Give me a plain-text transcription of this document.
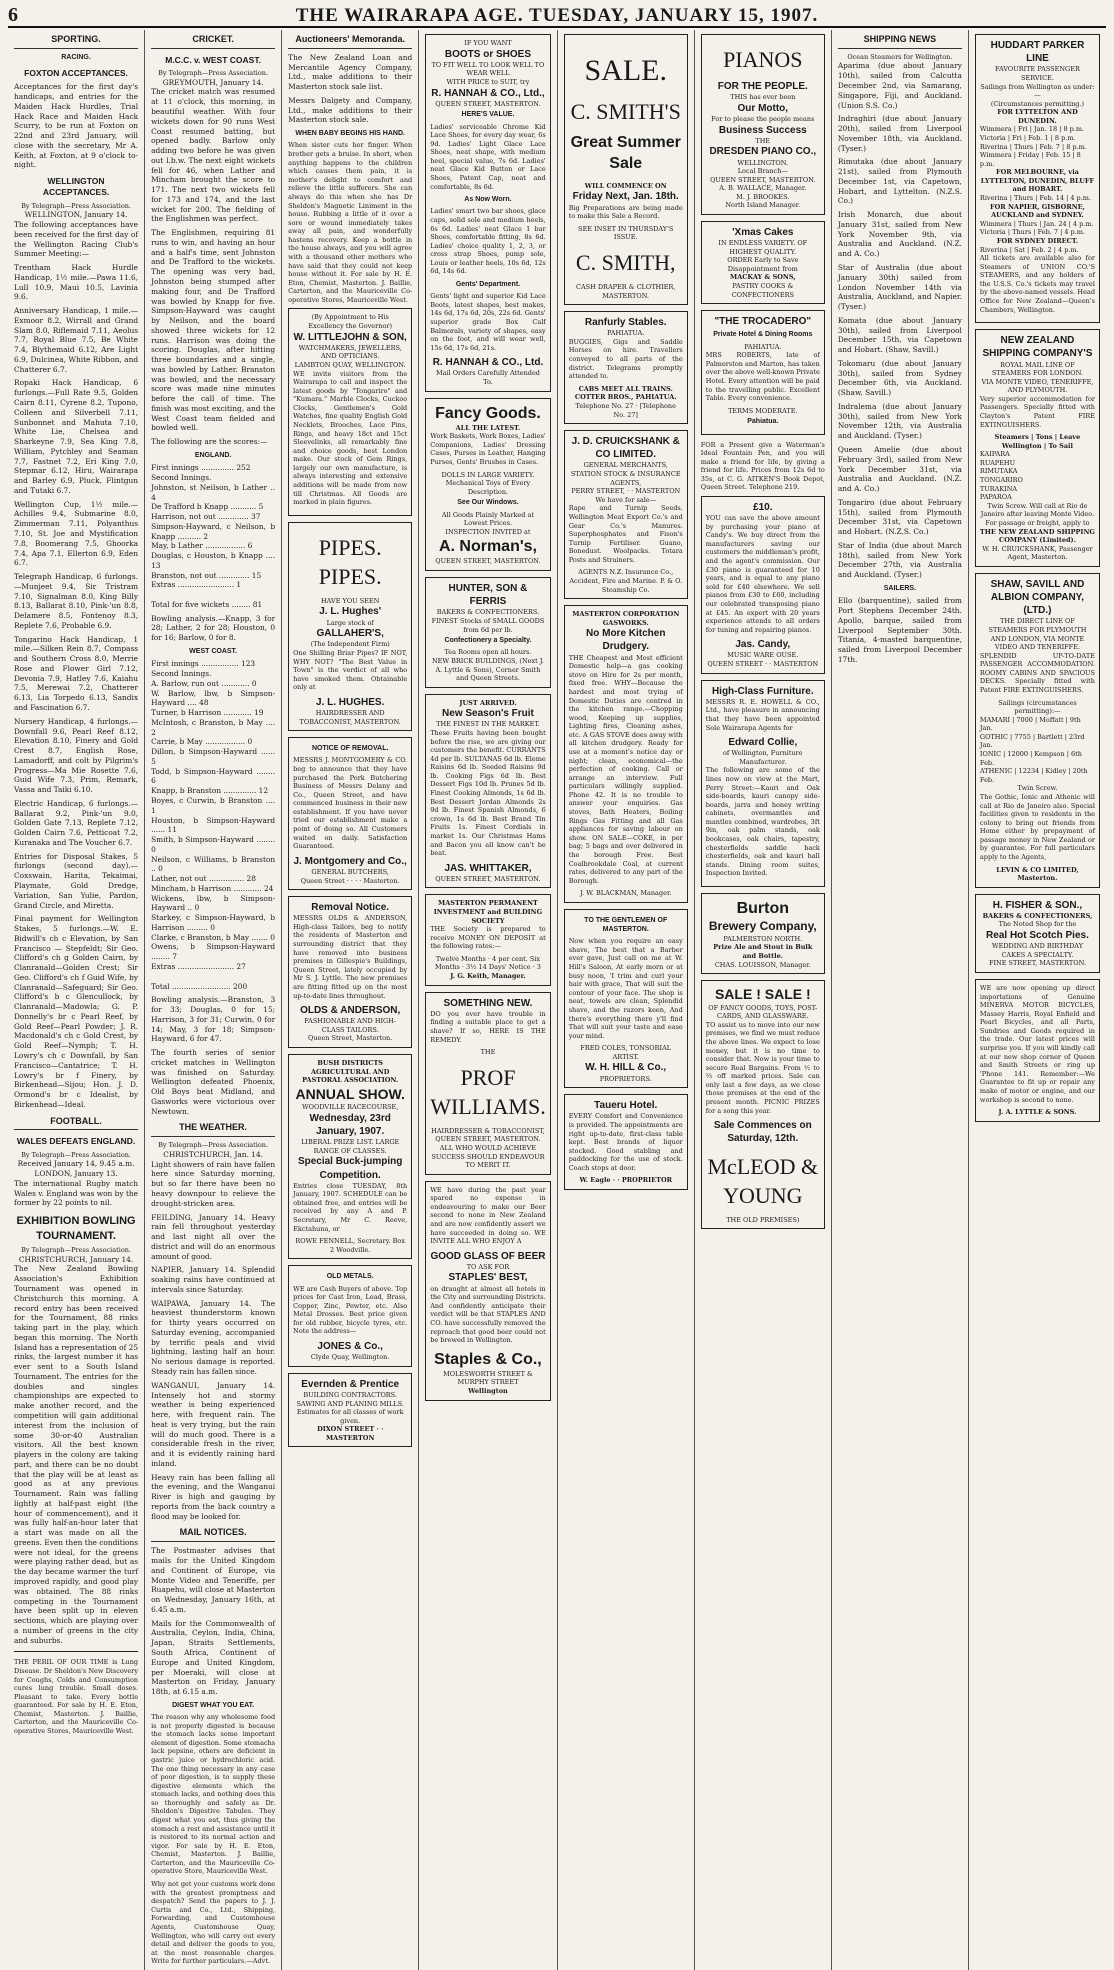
6	THE WAIRARAPA AGE. TUESDAY, JANUARY 15, 1907.
SPORTING.
RACING.
FOXTON ACCEPTANCES.

Acceptances for the first day's handicaps, and entries for the Maiden Hack Hurdles, Trial Hack Race and Maiden Hack Scurry, to be run at Foxton on 22nd and 23rd January, will close with the secretary, Mr A. Keith, at Foxton, at 9 o'clock to-night.

WELLINGTON ACCEPTANCES.
By Telegraph—Press Association.
WELLINGTON, January 14.

The following acceptances have been received for the first day of the Wellington Racing Club's Summer Meeting:—

Trentham Hack Hurdle Handicap, 1½ mile.—Pawa 11.6, Lull 10.9, Maui 10.5, Lavinia 9.6.

Anniversary Handicap, 1 mile.—Exmoor 8.2, Wirrall and Grand Slam 8.0, Riflemaid 7.11, Aeolus 7.7, Royal Blue 7.5, Be White 7.4, Blythemaid 6.12, Are Light 6.9, Dulcinea, White Ribbon, and Chatterer 6.7.

Ropaki Hack Handicap, 6 furlongs.—Full Rate 9.5, Golden Cairn 8.11, Cyrene 8.2, Tupono, Colleen and Silverbell 7.11, Sunbonnet and Mahuta 7.10, White Lie, Chelsea and Sharkeyne 7.9, Sea King 7.8, William, Pytchley and Seaman 7.7, Fastnet 7.2, Eri King 7.0, Stepmar 6.12, Hiru, Wairarapa and Barley 6.9, Pluck, Flintgun and Tutaki 6.7.

Wellington Cup, 1½ mile.—Achilles 9.4, Submarine 8.0, Zimmerman 7.11, Polyanthus 7.10, St. Joe and Mystification 7.8, Boomerang 7.5, Ghoorka 7.4, Apa 7.1, Ellerton 6.9, Eden 6.7.

Telegraph Handicap, 6 furlongs.—Munjeet 9.4, Sir Tristram 7.10, Signalman 8.0, King Billy 8.13, Ballarat 8.10, Pink-'un 8.8, Delamere 8.5, Fontenoy 8.3, Replete 7.6, Probable 6.9.

Tongarino Hack Handicap, 1 mile.—Silken Rein 8.7, Compass and Southern Cross 8.0, Merrie Rose and Flower Girl 7.12, Devonia 7.9, Hatley 7.6, Kaiahu 7.5, Merewai 7.2, Chatterer 6.13, Lia Torpedo 6.13, Sandix and Fascination 6.7.

Nursery Handicap, 4 furlongs.—Downfall 9.6, Pearl Reef 8.12, Elevation 8.10, Finery and Gold Crest 8.7, English Rose, Lamadorff, and colt by Pilgrim's Progress—Ma Mie Rosette 7.6, Guid Wife 7.3, Prim, Remark, Vassa and Taiki 6.10.

Electric Handicap, 6 furlongs.—Ballarat 9.2, Pink-'un 9.0, Golden Gate 7.13, Replete 7.12, Golden Cairn 7.6, Petticoat 7.2, Kuranaka and The Voucher 6.7.

Entries for Disposal Stakes, 5 furlongs (second day).—Coxswain, Harita, Tekaimai, Playmate, Gold Dredge, Variation, San Yulie, Pardon, Grand Circle, and Miretta.

Final payment for Wellington Stakes, 5 furlongs.—W. E. Bidwill's ch c Elevation, by San Francisco — Stepfeldt; Sir Geo. Clifford's ch g Golden Cairn, by Clanranald—Golden Crest; Sir Geo. Clifford's ch f Guid Wife, by Clanranald—Safeguard; Sir Geo. Clifford's b c Glencullock, by Clanranald—Madowla; G. P. Donnelly's br c Pearl Reef, by Gold Reef—Pearl Powder; J. R. Macdonald's ch c Gold Crest, by Gold Reef—Nymph; T. H. Lowry's ch c Downfall, by San Francisco—Cantatrice; T. H. Lowry's br f Finery, by Birkenhead—Sijou; Hon. J. D. Ormond's br c Idealist, by Birkenhead—Ideal.

FOOTBALL.
WALES DEFEATS ENGLAND.
By Telegraph—Press Association.
Received January 14, 9.45 a.m.
LONDON, January 13.

The international Rugby match Wales v. England was won by the former by 22 points to nil.

EXHIBITION BOWLING TOURNAMENT.
By Telegraph—Press Association.
CHRISTCHURCH, January 14.

The New Zealand Bowling Association's Exhibition Tournament was opened in Christchurch this morning. A record entry has been received for the Tournament, 88 rinks taking part in the play, which began this morning. The North Island has a representation of 25 rinks, the largest number it has ever sent to a South Island Tournament. The entries for the doubles and singles championships are expected to make another record, and the competition will gain additional interest from the inclusion of some 30-or-40 Australian visitors. All the best known players in the colony are taking part, and there can be no doubt that the play will be at least as good as at any previous Tournament. Rain was falling lightly at half-past eight (the hour of commencement), and it was fully half-an-hour later that a start was made on all the greens. Even then the conditions were not ideal, for the greens were playing rather dead, but as the day became warmer the turf improved rapidly, and good play was obtained. The 88 rinks competing in the Tournament have been split up in eleven sections, which are playing over a number of greens in the city and suburbs.

THE PERIL OF OUR TIME is Lung Disease. Dr Sheldon's New Discovery for Coughs, Colds and Consumption cures lung trouble. Small doses. Pleasant to take. Every bottle guaranteed. For sale by H. E. Eton, Chemist, Masterton. J. Baillie, Carterton, and the Mauriceville Co-operative Stores, Mauriceville West.

CRICKET.
M.C.C. v. WEST COAST.
By Telegraph—Press Association.
GREYMOUTH, January 14.

The cricket match was resumed at 11 o'clock, this morning, in beautiful weather. With four wickets down for 90 runs West Coast resumed batting, but opened badly. Barlow only adding two before he was given out l.b.w. The next eight wickets fell for 46, when Lather and Mincham brought the score to 171. The next two wickets fell for 173 and 174, and the last wicket for 200. The fielding of the Englishmen was perfect.

The Englishmen, requiring 81 runs to win, and having an hour and a half's time, sent Johnston and De Trafford to the wickets. The opening was very bad, Johnston being stumped after making four, and De Trafford was bowled by Knapp for five. Simpson-Hayward was caught by Neilson, and the board showed three wickets for 12 runs. Harrison was doing the scoring. Douglas, after hitting three boundaries and a single, was bowled by Lather. Branston was bowled, and the necessary score was made nine minutes before the call of time. The finish was most exciting, and the West Coast team fielded and bowled well.

The following are the scores:—

ENGLAND.

First innings .............. 252
Second Innings.
Johnston, st Neilson, b Lather .. 4
De Trafford b Knapp ........... 5
Harrison, not out ............. 37
Simpson-Hayward, c Neilson, b Knapp .......... 2
May, b Lather ................. 6
Douglas, c Houston, b Knapp .... 13
Branston, not out ............. 15
Extras ........................ 1

Total for five wickets ........ 81

Bowling analysis.—Knapp, 3 for 28; Lather, 2 for 28; Houston, 0 for 16; Barlow, 0 for 8.

WEST COAST.

First innings ................ 123
Second Innings.
A. Barlow, run out ............ 0
W. Barlow, lbw, b Simpson-Hayward .... 48
Turner, b Harrison ............ 19
McIntosh, c Branston, b May .... 2
Carrie, b May ................. 0
Dillon, b Simpson-Hayward ...... 5
Todd, b Simpson-Hayward ........ 6
Knapp, b Branston .............. 12
Boyes, c Curwin, b Branston .... 1
Houston, b Simpson-Hayward ...... 11
Smith, b Simpson-Hayward ........ 0
Neilson, c Williams, b Branston .. 0
Lather, not out ............... 28
Mincham, b Harrison ............ 24
Wickens, lbw, b Simpson-Hayward .. 0
Starkey, c Simpson-Hayward, b Harrison ......... 0
Clarke, c Branston, b May ....... 0
Owens, b Simpson-Hayward ........ 7
Extras ........................ 27

Total ......................... 200

Bowling analysis.—Branston, 3 for 33; Douglas, 0 for 15; Harrison, 3 for 31; Curwin, 0 for 14; May, 3 for 18; Simpson-Hayward, 6 for 47.

The fourth series of senior cricket matches in Wellington was finished on Saturday. Wellington defeated Phoenix, Old Boys beat Midland, and Gasworks were victorious over Newtown.

THE WEATHER.
By Telegraph—Press Association.
CHRISTCHURCH, Jan. 14.

Light showers of rain have fallen here since Saturday morning, but so far there have been no heavy downpour to relieve the drought-stricken area.

FEILDING, January 14. Heavy rain fell throughout yesterday and last night all over the district and will do an enormous amount of good.

NAPIER, January 14. Splendid soaking rains have continued at intervals since Saturday.

WAIPAWA, January 14. The heaviest thunderstorm known for thirty years occurred on Saturday evening, accompanied by terrific peals and vivid lightning, lasting half an hour. No serious damage is reported. Steady rain has fallen since.

WANGANUI, January 14. Intensely hot and stormy weather is being experienced here, with frequent rain. The heat is very trying, but the rain will do much good. There is a considerable fresh in the river, and it is evidently raining hard inland.

Heavy rain has been falling all the evening, and the Wanganui River is high and gauging by reports from the back country a flood may be looked for.

MAIL NOTICES.

The Postmaster advises that mails for the United Kingdom and Continent of Europe, via Monte Video and Teneriffe, per Ruapehu, will close at Masterton on Wednesday, January 16th, at 6.45 a.m.

Mails for the Commonwealth of Australia, Ceylon, India, China, Japan, Straits Settlements, South Africa, Continent of Europe and United Kingdom, per Moeraki, will close at Masterton on Friday, January 18th, at 6.15 a.m.

DIGEST WHAT YOU EAT.

The reason why any wholesome food is not properly digested is because the stomach lacks some important element of digestion. Some stomachs lack pepsine, others are deficient in gastric juice or hydrochloric acid. The one thing necessary in any case of poor digestion, is to supply these digestive elements which the stomach lacks, and nothing does this so thoroughly and safely as Dr. Sheldon's Digestive Tabules. They digest what you eat, thus giving the stomach a rest and assistance until it is restored to its normal action and vigor. For sale by H. E. Eton, Chemist, Masterton. J. Baillie, Carterton, and the Mauriceville Co-operative Store, Mauriceville West.

Why not get your customs work done with the greatest promptness and despatch? Send the papers to J. J. Curtis and Co., Ltd., Shipping, Forwarding, and Customhouse Agents, Customhouse Quay, Wellington, who will carry out every detail and deliver the goods to you, at the most reasonable charges. Write for further particulars.—Advt.

Auctioneers' Memoranda.

The New Zealand Loan and Mercantile Agency Company, Ltd., make additions to their Masterton stock sale list.

Messrs Dalgety and Company, Ltd., make additions to their Masterton stock sale.

WHEN BABY BEGINS HIS HAND.

When sister cuts her finger. When brother gets a bruise. In short, when anything happens to the children which causes them pain, it is mother's delight to comfort and relieve the little sufferers. She can always do this when she has Dr Sheldon's Magnetic Liniment in the house. Rubbing a little of it over a sore or wound immediately takes away all pain, and wonderfully hastens recovery. Keep a bottle in the house always, and you will agree with a thousand other mothers who have said that they could not keep house without it. For sale by H. E. Eton, Chemist, Masterton. J. Baillie, Carterton, and the Mauriceville Co-operative Stores, Mauriceville West.

(By Appointment to His Excellency the Governor)
W. LITTLEJOHN & SON,
WATCHMAKERS, JEWELLERS, AND OPTICIANS.
LAMBTON QUAY, WELLINGTON.

WE invite visitors from the Wairarapa to call and inspect the latest goods by "Tongariro" and "Kumara." Marble Clocks, Cuckoo Clocks, Gentlemen's Gold Watches, fine quality English Gold Necklets, Brooches, Lace Pins, Rings, and heavy 18ct and 15ct Sleevelinks, all remarkably fine and choice goods, best London make. Our stock of Gem Rings, largely our own manufacture, is always interesting and extensive additions will be made from now till Christmas. All Goods are marked in plain figures.

PIPES. PIPES.
HAVE YOU SEEN
J. L. Hughes'
Large stock of
GALLAHER'S,
(The Independent Firm)

One Shilling Briar Pipes? IF NOT, WHY NOT? "The Best Value in Town" is the verdict of all who have smoked them. Obtainable only at

J. L. HUGHES.
HAIRDRESSER AND TOBACCONIST, MASTERTON.
NOTICE OF REMOVAL.

MESSRS J. MONTGOMERY & CO. beg to announce that they have purchased the Pork Butchering Business of Messrs Delany and Co., Queen Street, and have commenced business in their new establishment. If you have never tried our establishment make a point of doing so. All Customers waited on daily. Satisfaction Guaranteed.

J. Montgomery and Co.,
GENERAL BUTCHERS,
Queen Street · · · · Masterton.
Removal Notice.

MESSRS OLDS & ANDERSON, High-class Tailors, beg to notify the residents of Masterton and surrounding district that they have removed into business premises in Gillespie's Buildings, Queen Street, lately occupied by Mr S. J. Lyttle. The new premises are fitting fitted up on the most up-to-date lines throughout.

OLDS & ANDERSON,
FASHIONABLE AND HIGH-CLASS TAILORS.
Queen Street, Masterton.
BUSH DISTRICTS AGRICULTURAL AND PASTORAL ASSOCIATION.
ANNUAL SHOW.
WOODVILLE RACECOURSE,
Wednesday, 23rd January, 1907.
LIBERAL PRIZE LIST. LARGE RANGE OF CLASSES.
Special Buck-jumping Competition.

Entries close TUESDAY, 8th January, 1907. SCHEDULE can be obtained free, and entries will be received by any A and P. Secretary, Mr C. Reeve, Ekctahuna, or

ROWE FENNELL, Secretary. Box 2 Woodville.
OLD METALS.

WE are Cash Buyers of above. Top prices for Cast Iron, Lead, Brass, Copper, Zinc, Pewter, etc. Also Metal Drosses. Best price given for old rubber, bicycle tyres, etc. Note the address—

JONES & Co.,
Clyde Quay, Wellington.
Evernden & Prentice
BUILDING CONTRACTORS.
SAWING AND PLANING MILLS. Estimates for all classes of work given.
DIXON STREET · · MASTERTON
IF YOU WANT
BOOTS or SHOES
TO FIT WELL TO LOOK WELL TO WEAR WELL
WITH PRICE to SUIT, try
R. HANNAH & CO., Ltd.,
QUEEN STREET, MASTERTON.
HERE'S VALUE.

Ladies' serviceable Chrome Kid Lace Shoes, for every day wear, 6s 9d. Ladies' Light Glace Lace Shoes, neat shape, with medium heel, special value, 7s 6d. Ladies' neat Glace Kid Button or Lace Shoes, Patent Cap, neat and comfortable, 8s 6d.

As Now Worn.

Ladies' smart two bar shoes, glace caps, solid sole and medium heels, 6s 6d. Ladies' neat Glace 1 bar Shoes, comfortable fitting, 8s 6d. Ladies' choice quality 1, 2, 3, or cross strap Shoes, pump sole, Louis or leather heels, 10s 6d, 12s 6d, 14s 6d.

Gents' Department.

Gents' light and superior Kid Lace Boots, latest shapes, best makes, 14s 6d, 17s 6d, 20s, 22s 6d. Gents' superior grade Box Calf Balmorals, variety of shapes, easy on the foot, and will wear well, 15s 6d, 17s 6d, 21s.

R. HANNAH & CO., Ltd.
Mail Orders Carefully Attended To.
Fancy Goods.
ALL THE LATEST.

Work Baskets, Work Boxes, Ladies' Companions, Ladies' Dressing Cases, Purses in Leather, Hanging Purses, Gents' Brushes in Cases.

DOLLS IN LARGE VARIETY.
Mechanical Toys of Every Description.
See Our Windows.
All Goods Plainly Marked at Lowest Prices.
INSPECTION INVITED at
A. Norman's,
QUEEN STREET, MASTERTON.
HUNTER, SON & FERRIS
BAKERS & CONFECTIONERS.
FINEST Stocks of SMALL GOODS from 6d per lb.
Confectionery a Specialty.
Tea Rooms open all hours.
NEW BRICK BUILDINGS, (Next J. A. Lyttle & Sons), Corner Smith and Queen Streets.
JUST ARRIVED.
New Season's Fruit
THE FINEST IN THE MARKET.

These Fruits having been bought before the rise, we are giving our customers the benefit. CURRANTS 4d per lb. SULTANAS 6d lb. Eleme Raisins 6d lb. Seeded Raisins 9d lb. Cooking Figs 6d lb. Best Dessert Figs 10d lb. Prunes 5d lb. Finest Cooking Almonds, 1s 6d lb. Best Dessert Jordan Almonds 2s 9d lb. Finest Spanish Almonds, 6 crown, 1s 6d lb. Best Brand Tin Fruits 1s. Finest Cordials in market 1s. Our Christmas Hams and Bacon you all know can't be beat.

JAS. WHITTAKER,
QUEEN STREET, MASTERTON.
MASTERTON PERMANENT INVESTMENT and BUILDING SOCIETY

THE Society is prepared to receive MONEY ON DEPOSIT at the following rates:—

Twelve Months · 4 per cent. Six Months · 3½ 14 Days' Notice · 3
J. G. Keith, Manager.
SOMETHING NEW.

DO you ever have trouble in finding a suitable place to get a shave? If so, HERE IS THE REMEDY.

THE
PROF WILLIAMS.
HAIRDRESSER & TOBACCONIST,
QUEEN STREET, MASTERTON.
ALL WHO WOULD ACHIEVE SUCCESS SHOULD ENDEAVOUR TO MERIT IT.

WE have during the past year spared no expense in endeavouring to make our Beer second to none in New Zealand and are now confidently assert we have succeeded in doing so. WE INVITE ALL WHO ENJOY A

GOOD GLASS OF BEER
TO ASK FOR
STAPLES' BEST,

on draught at almost all hotels in the City and surrounding Districts. And confidently anticipate their verdict will be that STAPLES AND CO. have successfully removed the reproach that good beer could not be brewed in Wellington.

Staples & Co.,
MOLESWORTH STREET & MURPHY STREET
Wellington
SALE.
C. SMITH'S
Great Summer Sale
WILL COMMENCE ON
Friday Next, Jan. 18th.

Big Preparations are being made to make this Sale a Record.

SEE INSET IN THURSDAY'S ISSUE.
C. SMITH,
CASH DRAPER & CLOTHIER,
MASTERTON.
Ranfurly Stables.
PAHIATUA.

BUGGIES, Gigs and Saddle Horses on hire. Travellers conveyed to all parts of the district. Telegrams promptly attended to.

CABS MEET ALL TRAINS. COTTER BROS., PAHIATUA.
Telephone No. 27 · [Telephone No. 27]
J. D. CRUICKSHANK & CO LIMITED.
GENERAL MERCHANTS, STATION STOCK & INSURANCE AGENTS,
PERRY STREET, · · MASTERTON
We have for sale—

Rape and Turnip Seeds. Wellington Meat Export Co.'s and Gear Co.'s Manures. Superphosphates and Fison's Turnip Fertiliser. Guano, Bonedust. Woolpacks. Totara Posts and Strainers.

AGENTS N.Z. Insurance Co., Accident, Fire and Marine. P. & O. Steamship Co.
MASTERTON CORPORATION GASWORKS.
No More Kitchen Drudgery.

THE Cheapest and Most efficient Domestic help—a gas cooking stove on Hire for 2s per month, fixed free. WHY—Because the hardest and most trying of Domestic Duties are centred in the kitchen range.—Chopping wood, Keeping up supplies, Lighting fires, Cleaning ashes, etc. A GAS STOVE does away with all kitchen drudgery. Ready for use at a moment's notice day or night; clean, economical—the perfection of cooking. Call or arrange an interview. Full particulars willingly supplied. Phone 42. It is no trouble to answer your enquiries. Gas stoves, Bath Heaters, Boiling Rings Gas Fitting and all Gas appliances for saving labour on show. ON SALE—COKE, in per bag; 5 bags and over delivered in the borough Free. Best Coalbrookdale Coal, at current rates, delivered to any part of the Borough.

J. W. BLACKMAN, Manager.
TO THE GENTLEMEN OF MASTERTON.

Now when you require an easy shave, The best that a Barber ever gave, Just call on me at W. Hill's Saloon, At early morn or at busy noon, 'I trim and curl your hair with grace, That will suit the contour of your face. The shop is neat, towels are clean, Splendid shave, and the razors keen, And there's everything there y'll find That will suit your taste and ease your mind.

FRED COLES, TONSORIAL ARTIST.
W. H. HILL & Co.,
PROPRIETORS.
Taueru Hotel.

EVERY Comfort and Convenience is provided. The appointments are right up-to-date, first-class table kept. Best brands of liquor stocked. Good stabling and paddocking for the use of stock. Coach stops at door.

W. Eagle · · PROPRIETOR
PIANOS
FOR THE PEOPLE.
THIS has ever been
Our Motto,
For to please the people means
Business Success
THE
DRESDEN PIANO CO.,
WELLINGTON.
Local Branch—
QUEEN STREET, MASTERTON.
A. B. WALLACE, Manager.
M. J. BROOKES.
North Island Manager.
'Xmas Cakes
IN ENDLESS VARIETY. OF HIGHEST QUALITY.
ORDER Early to Save Disappointment from
MACKAY & SONS,
PASTRY COOKS & CONFECTIONERS
"THE TROCADERO"
Private Hotel & Dining Rooms
PAHIATUA.

MRS ROBERTS, late of Palmerston and Marton, has taken over the above well-known Private Hotel. Every attention will be paid to the travelling public. Excellent Table. Every convenience.

TERMS MODERATE.
Pahiatua.

FOR a Present give a Waterman's Ideal Fountain Pen, and you will make a friend for life, by giving a friend for life. Prices from 12s 6d to 35s, at C. G. AITKEN'S Book Depot, Queen Street. Telephone 219.

£10.

YOU can save the above amount by purchasing your piano at Candy's. We buy direct from the manufacturers saving our customers the middleman's profit, and the agent's commission. Our £30 piano is guaranteed for 10 years, and is equal to any piano sold for £40 elsewhere. We sell pianos from £30 to £60, including our celebrated transposing piano at £45. An expert with 20 years experience attends to all orders for tuning and repairing pianos.

Jas. Candy,
MUSIC WARE OUSE.
QUEEN STREET · · MASTERTON
High-Class Furniture.

MESSRS R. E. HOWELL & CO., Ltd., have pleasure in announcing that they have been appointed Sole Wairarapa Agents for

Edward Collie,
of Wellington, Furniture Manufacturer.

The following are some of the lines now on view at the Mart, Perry Street:—Kauri and Oak side-boards, kauri canopy side-boards, jarra and honey writing cabinets, overmantles and mantles combined, wardrobes, 3ft 9in, oak palm stands, oak bookcases, oak chairs, tapestry, chesterfields saddle back chesterfields, oak and kauri hall stands. Dining room suites, Inspection Invited.

Burton
Brewery Company,
PALMERSTON NORTH.
Prize Ale and Stout in Bulk and Bottle.
CHAS. LOUISSON, Manager.
SALE ! SALE !
OF FANCY GOODS, TOYS, POST-CARDS, AND GLASSWARE.

TO assist us to move into our new premises, we find we must reduce the above lines. We expect to lose money, but it is no time to consider that. Now is your time to secure Real Bargains. From ½ to ⅓ off marked prices. Sale can only last a few days, as we close those premises at the end of the present month. PICNIC PRIZES for a song this year.

Sale Commences on Saturday, 12th.
McLEOD & YOUNG
THE OLD PREMISES)
SHIPPING NEWS
Ocean Steamers for Wellington.

Aparima (due about January 10th), sailed from Calcutta December 2nd, via Samarang, Singapore, Fiji, and Auckland. (Union S.S. Co.)

Indraghiri (due about January 20th), sailed from Liverpool November 18th, via Auckland. (Tyser.)

Rimutaka (due about January 21st), sailed from Plymouth December 1st, via Capetown, Hobart, and Lyttelton. (N.Z.S. Co.)

Irish Monarch, due about January 31st, sailed from New York November 9th, via Australia and Auckland. (N.Z. and A. Co.)

Star of Australia (due about January 30th) sailed from London November 14th via Australia, Auckland, and Napier. (Tyser.)

Komata (due about January 30th), sailed from Liverpool December 15th, via Capetown and Hobart. (Shaw, Savill.)

Tokomaru (due about January 30th), sailed from Sydney December 6th, via Auckland. (Shaw, Savill.)

Indralema (due about January 30th), sailed from New York November 12th, via Australia and Auckland. (Tyser.)

Queen Amelie (due about February 3rd), sailed from New York December 31st, via Australia and Auckland. (N.Z. and A. Co.)

Tongariro (due about February 15th), sailed from Plymouth December 31st, via Capetown and Hobart. (N.Z.S. Co.)

Star of India (due about March 18th), sailed from New York December 27th, via Australia and Auckland. (Tyser.)

SAILERS.

Ello (barquentine), sailed from Port Stephens December 24th. Apollo, barque, sailed from Liverpool September 30th. Titania, 4-masted barquentine, sailed from Liverpool December 17th.

HUDDART PARKER LINE
FAVOURITE PASSENGER SERVICE.
Sailings from Wellington as under:—
(Circumstances permitting.)
FOR LYTTELTON AND DUNEDIN.
Wimmera | Fri | Jan. 18 | 8 p.m.
Victoria | Fri | Feb. 1 | 8 p.m.
Riverina | Thurs | Feb. 7 | 8 p.m.
Wimmera | Friday | Feb. 15 | 8 p.m.
FOR MELBOURNE, via LYTTELTON, DUNEDIN, BLUFF and HOBART.
Riverina | Thurs | Feb. 14 | 4 p.m.
FOR NAPIER, GISBORNE, AUCKLAND and SYDNEY.
Wimmera | Thurs | Jan. 24 | 4 p.m.
Victoria | Thurs | Feb. 7 | 4 p.m.
FOR SYDNEY DIRECT.
Riverina | Sat | Feb. 2 | 4 p.m.

All tickets are available also for Steamers of UNION CO.'S STEAMERS, and any holders of the U.S.S. Co.'s tickets may travel by the above-named vessels. Head Office for New Zealand—Queen's Chambers, Wellington.

NEW ZEALAND SHIPPING COMPANY'S
ROYAL MAIL LINE OF STEAMERS FOR LONDON.
VIA MONTE VIDEO, TENERIFFE, AND PLYMOUTH.

Very superior accommodation for Passengers. Specially fitted with Clayton's Patent FIRE EXTINGUISHERS.

Steamers | Tons | Leave Wellington | To Sail
KAIPARA
RUAPEHU
RIMUTAKA
TONGARIRO
TURAKINA
PAPAROA
Twin Screw. Will call at Rio de Janeiro after leaving Monte Video.
For passage or freight, apply to
THE NEW ZEALAND SHIPPING COMPANY (Limited).
W. H. CRUICKSHANK, Passenger Agent, Masterton.
SHAW, SAVILL AND ALBION COMPANY, (LTD.)
THE DIRECT LINE OF STEAMERS FOR PLYMOUTH AND LONDON, VIA MONTE VIDEO AND TENERIFFE.

SPLENDID UP-TO-DATE PASSENGER ACCOMMODATION. ROOMY CABINS AND SPACIOUS DECKS. Specially fitted with Patent FIRE EXTINGUISHERS.

Sailings (circumstances permitting):—
MAMARI | 7000 | Moffatt | 9th Jan.
GOTHIC | 7755 | Bartlett | 23rd Jan.
IONIC | 12000 | Kempson | 6th Feb.
ATHENIC | 12234 | Kidley | 20th Feb.
Twin Screw.

The Gothic, Ionic and Athenic will call at Rio de Janeiro also. Special facilities given to residents in the colony to bring out friends from Home either by prepayment of passage money in New Zealand or by guarantee. For full particulars apply to the Agents,

LEVIN & CO LIMITED, Masterton.
H. FISHER & SON.,
BAKERS & CONFECTIONERS,
The Noted Shop for the
Real Hot Scotch Pies.
WEDDING AND BIRTHDAY CAKES A SPECIALTY.
FINE STREET, MASTERTON.

WE are now opening up direct importations of Genuine MINERVA MOTOR BICYCLES, Massey Harris, Royal Enfield and Pearl Bicycles, and all Parts, Sundries and Goods required in the trade. Our latest prices will surprise you. If you will kindly call at our new shop corner of Queen and Smith Streets or ring up 'Phone 141. Remember:—We Guarantee to fit up or repair any make of motor or engine, and our workshop is second to none.

J. A. LYTTLE & SONS.
